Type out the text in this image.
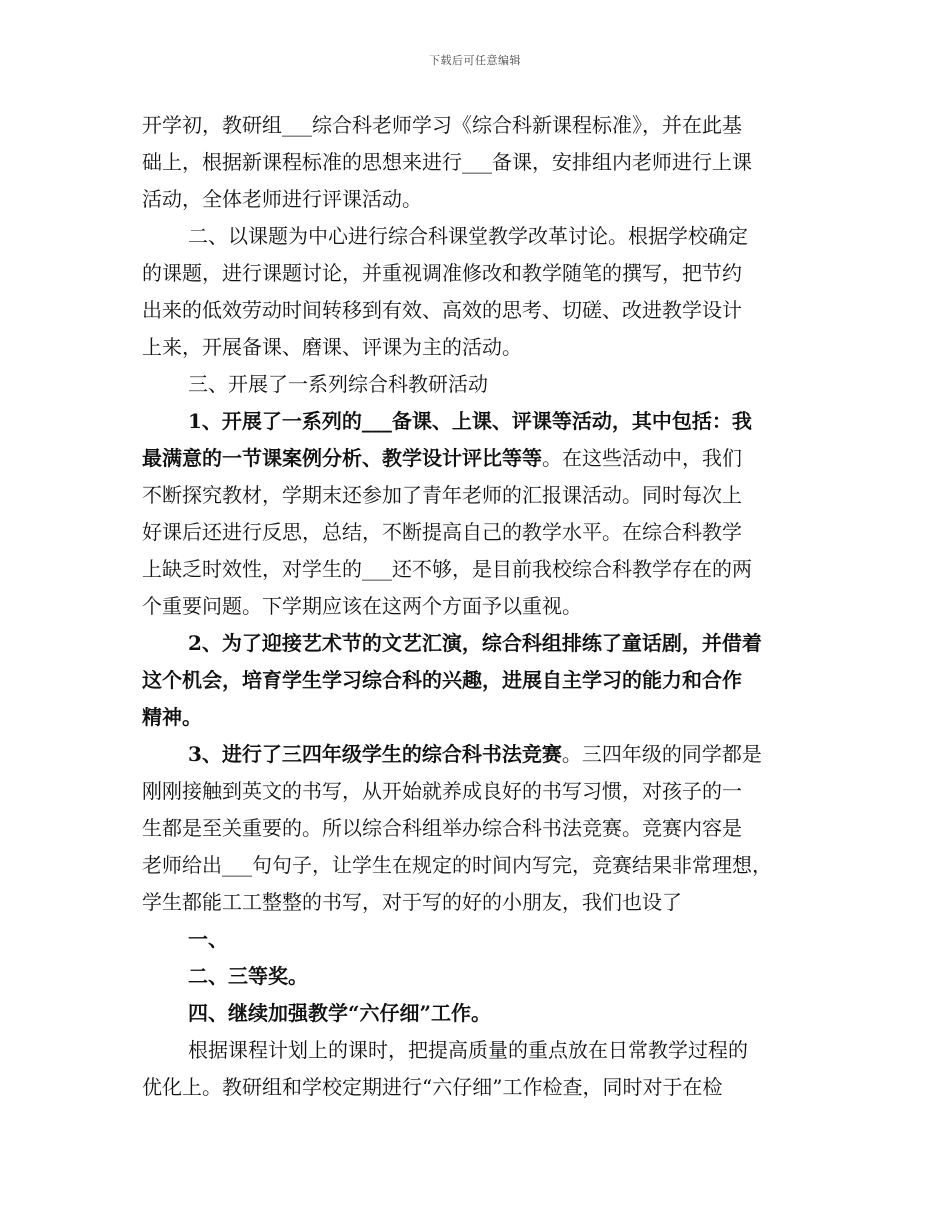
下载后可任意编辑
开学初，教研组___综合科老师学习《综合科新课程标准》，并在此基
础上，根据新课程标准的思想来进行___备课，安排组内老师进行上课
活动，全体老师进行评课活动。
二、以课题为中心进行综合科课堂教学改革讨论。根据学校确定
的课题，进行课题讨论，并重视调准修改和教学随笔的撰写，把节约
出来的低效劳动时间转移到有效、高效的思考、切磋、改进教学设计
上来，开展备课、磨课、评课为主的活动。
三、开展了一系列综合科教研活动
1、开展了一系列的___备课、上课、评课等活动，其中包括：我
最满意的一节课案例分析、教学设计评比等等。在这些活动中，我们
不断探究教材，学期末还参加了青年老师的汇报课活动。同时每次上
好课后还进行反思，总结，不断提高自己的教学水平。在综合科教学
上缺乏时效性，对学生的___还不够，是目前我校综合科教学存在的两
个重要问题。下学期应该在这两个方面予以重视。
2、为了迎接艺术节的文艺汇演，综合科组排练了童话剧，并借着
这个机会，培育学生学习综合科的兴趣，进展自主学习的能力和合作
精神。
3、进行了三四年级学生的综合科书法竞赛。三四年级的同学都是
刚刚接触到英文的书写，从开始就养成良好的书写习惯，对孩子的一
生都是至关重要的。所以综合科组举办综合科书法竞赛。竞赛内容是
老师给出___句句子，让学生在规定的时间内写完，竞赛结果非常理想，
学生都能工工整整的书写，对于写的好的小朋友，我们也设了
一、
二、三等奖。
四、继续加强教学“六仔细”工作。
根据课程计划上的课时，把提高质量的重点放在日常教学过程的
优化上。教研组和学校定期进行“六仔细”工作检查，同时对于在检
